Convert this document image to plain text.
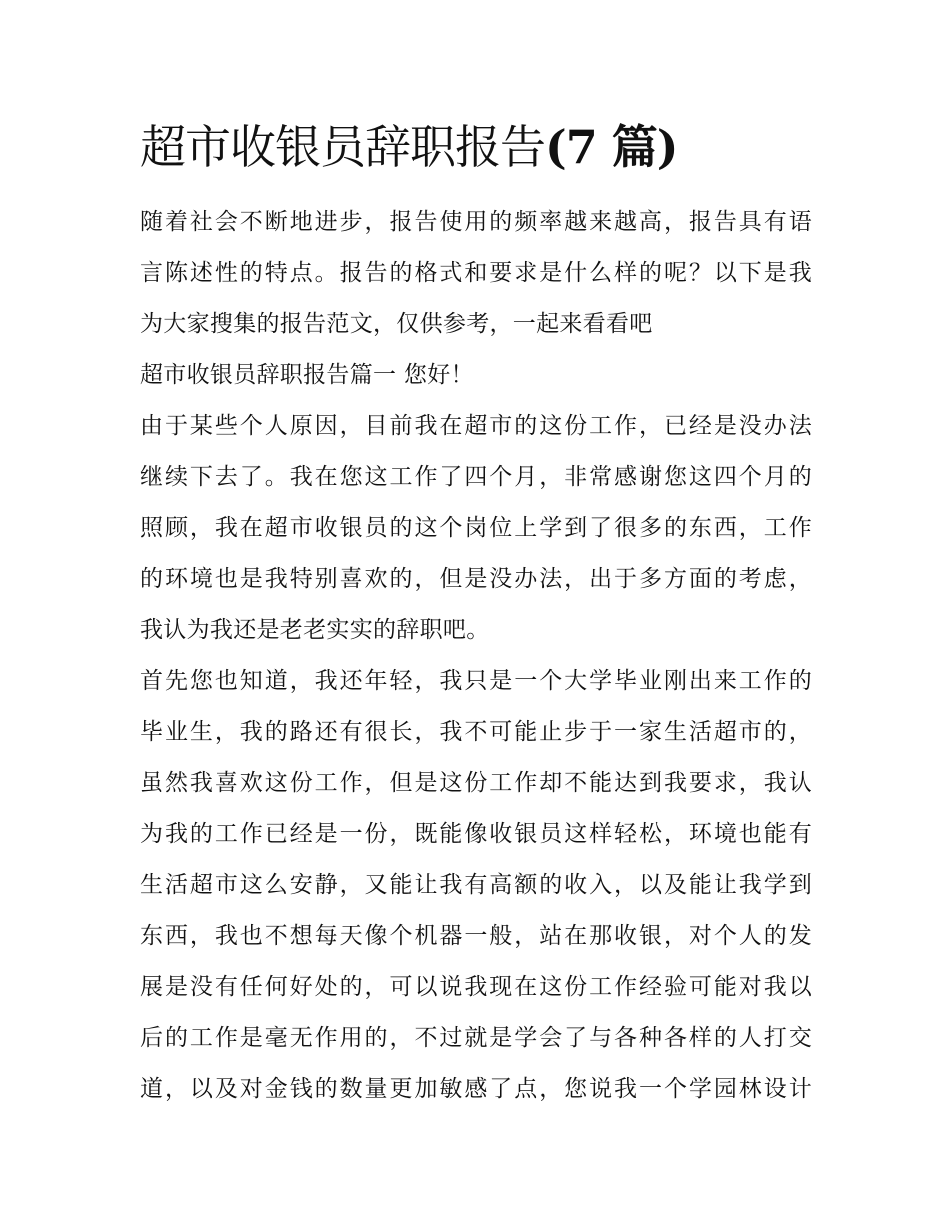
超市收银员辞职报告(7 篇)
随着社会不断地进步，报告使用的频率越来越高，报告具有语
言陈述性的特点。报告的格式和要求是什么样的呢？以下是我
为大家搜集的报告范文，仅供参考，一起来看看吧
超市收银员辞职报告篇一 您好！
由于某些个人原因，目前我在超市的这份工作，已经是没办法
继续下去了。我在您这工作了四个月，非常感谢您这四个月的
照顾，我在超市收银员的这个岗位上学到了很多的东西，工作
的环境也是我特别喜欢的，但是没办法，出于多方面的考虑，
我认为我还是老老实实的辞职吧。
首先您也知道，我还年轻，我只是一个大学毕业刚出来工作的
毕业生，我的路还有很长，我不可能止步于一家生活超市的，
虽然我喜欢这份工作，但是这份工作却不能达到我要求，我认
为我的工作已经是一份，既能像收银员这样轻松，环境也能有
生活超市这么安静，又能让我有高额的收入，以及能让我学到
东西，我也不想每天像个机器一般，站在那收银，对个人的发
展是没有任何好处的，可以说我现在这份工作经验可能对我以
后的工作是毫无作用的，不过就是学会了与各种各样的人打交
道，以及对金钱的数量更加敏感了点，您说我一个学园林设计
